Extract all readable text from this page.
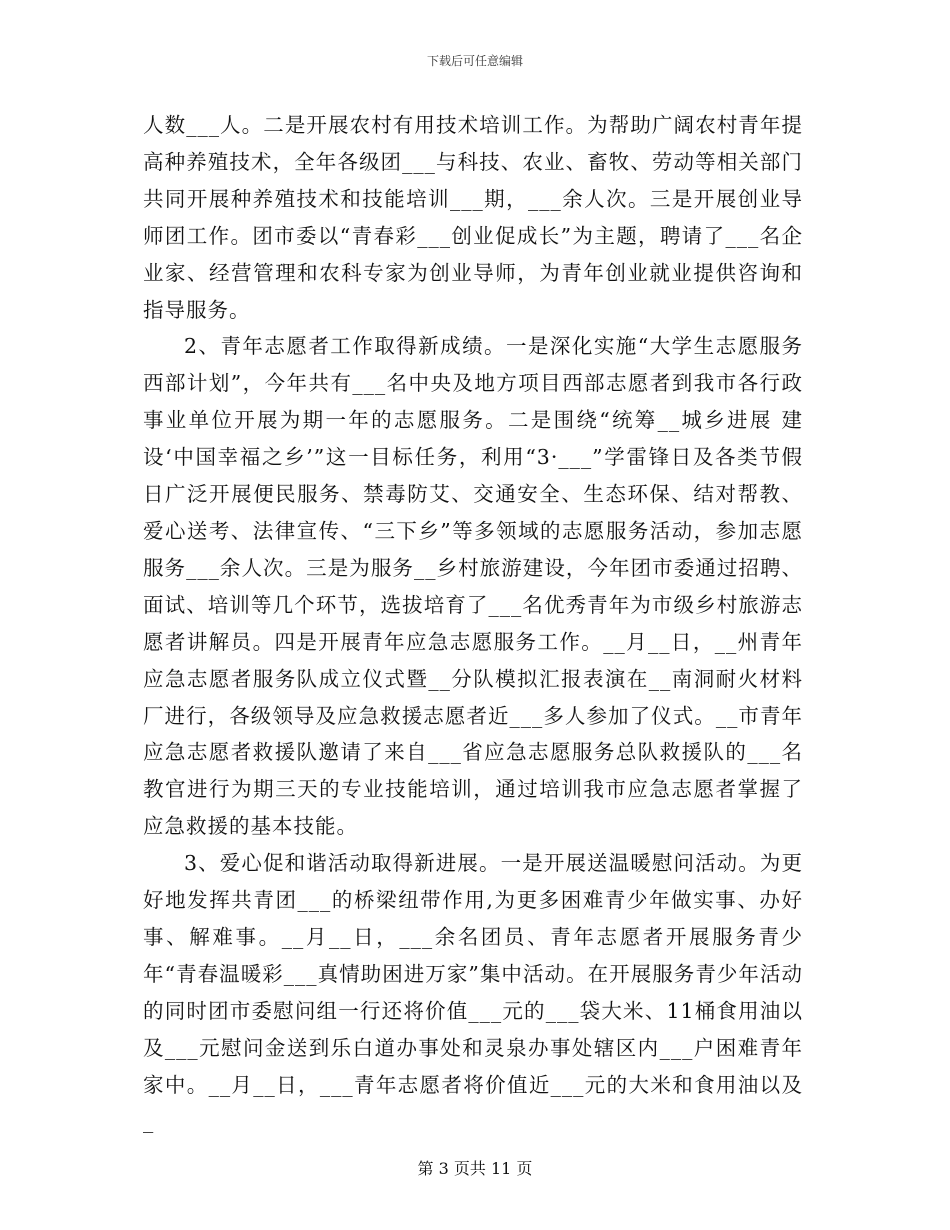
下载后可任意编辑

人数___人。二是开展农村有用技术培训工作。为帮助广阔农村青年提高种养殖技术，全年各级团___与科技、农业、畜牧、劳动等相关部门共同开展种养殖技术和技能培训___期，___余人次。三是开展创业导师团工作。团市委以“青春彩___创业促成长”为主题，聘请了___名企业家、经营管理和农科专家为创业导师，为青年创业就业提供咨询和指导服务。

2、青年志愿者工作取得新成绩。一是深化实施“大学生志愿服务西部计划”，今年共有___名中央及地方项目西部志愿者到我市各行政事业单位开展为期一年的志愿服务。二是围绕“统筹__城乡进展 建设‘中国幸福之乡’”这一目标任务，利用“3·___”学雷锋日及各类节假日广泛开展便民服务、禁毒防艾、交通安全、生态环保、结对帮教、爱心送考、法律宣传、“三下乡”等多领域的志愿服务活动，参加志愿服务___余人次。三是为服务__乡村旅游建设，今年团市委通过招聘、面试、培训等几个环节，选拔培育了___名优秀青年为市级乡村旅游志愿者讲解员。四是开展青年应急志愿服务工作。__月__日，__州青年应急志愿者服务队成立仪式暨__分队模拟汇报表演在__南洞耐火材料厂进行，各级领导及应急救援志愿者近___多人参加了仪式。__市青年应急志愿者救援队邀请了来自___省应急志愿服务总队救援队的___名教官进行为期三天的专业技能培训，通过培训我市应急志愿者掌握了应急救援的基本技能。

3、爱心促和谐活动取得新进展。一是开展送温暖慰问活动。为更好地发挥共青团___的桥梁纽带作用,为更多困难青少年做实事、办好事、解难事。__月__日，___余名团员、青年志愿者开展服务青少年“青春温暖彩___真情助困进万家”集中活动。在开展服务青少年活动的同时团市委慰问组一行还将价值___元的___袋大米、11桶食用油以及___元慰问金送到乐白道办事处和灵泉办事处辖区内___户困难青年家中。__月__日，___青年志愿者将价值近___元的大米和食用油以及_

第 3 页共 11 页
